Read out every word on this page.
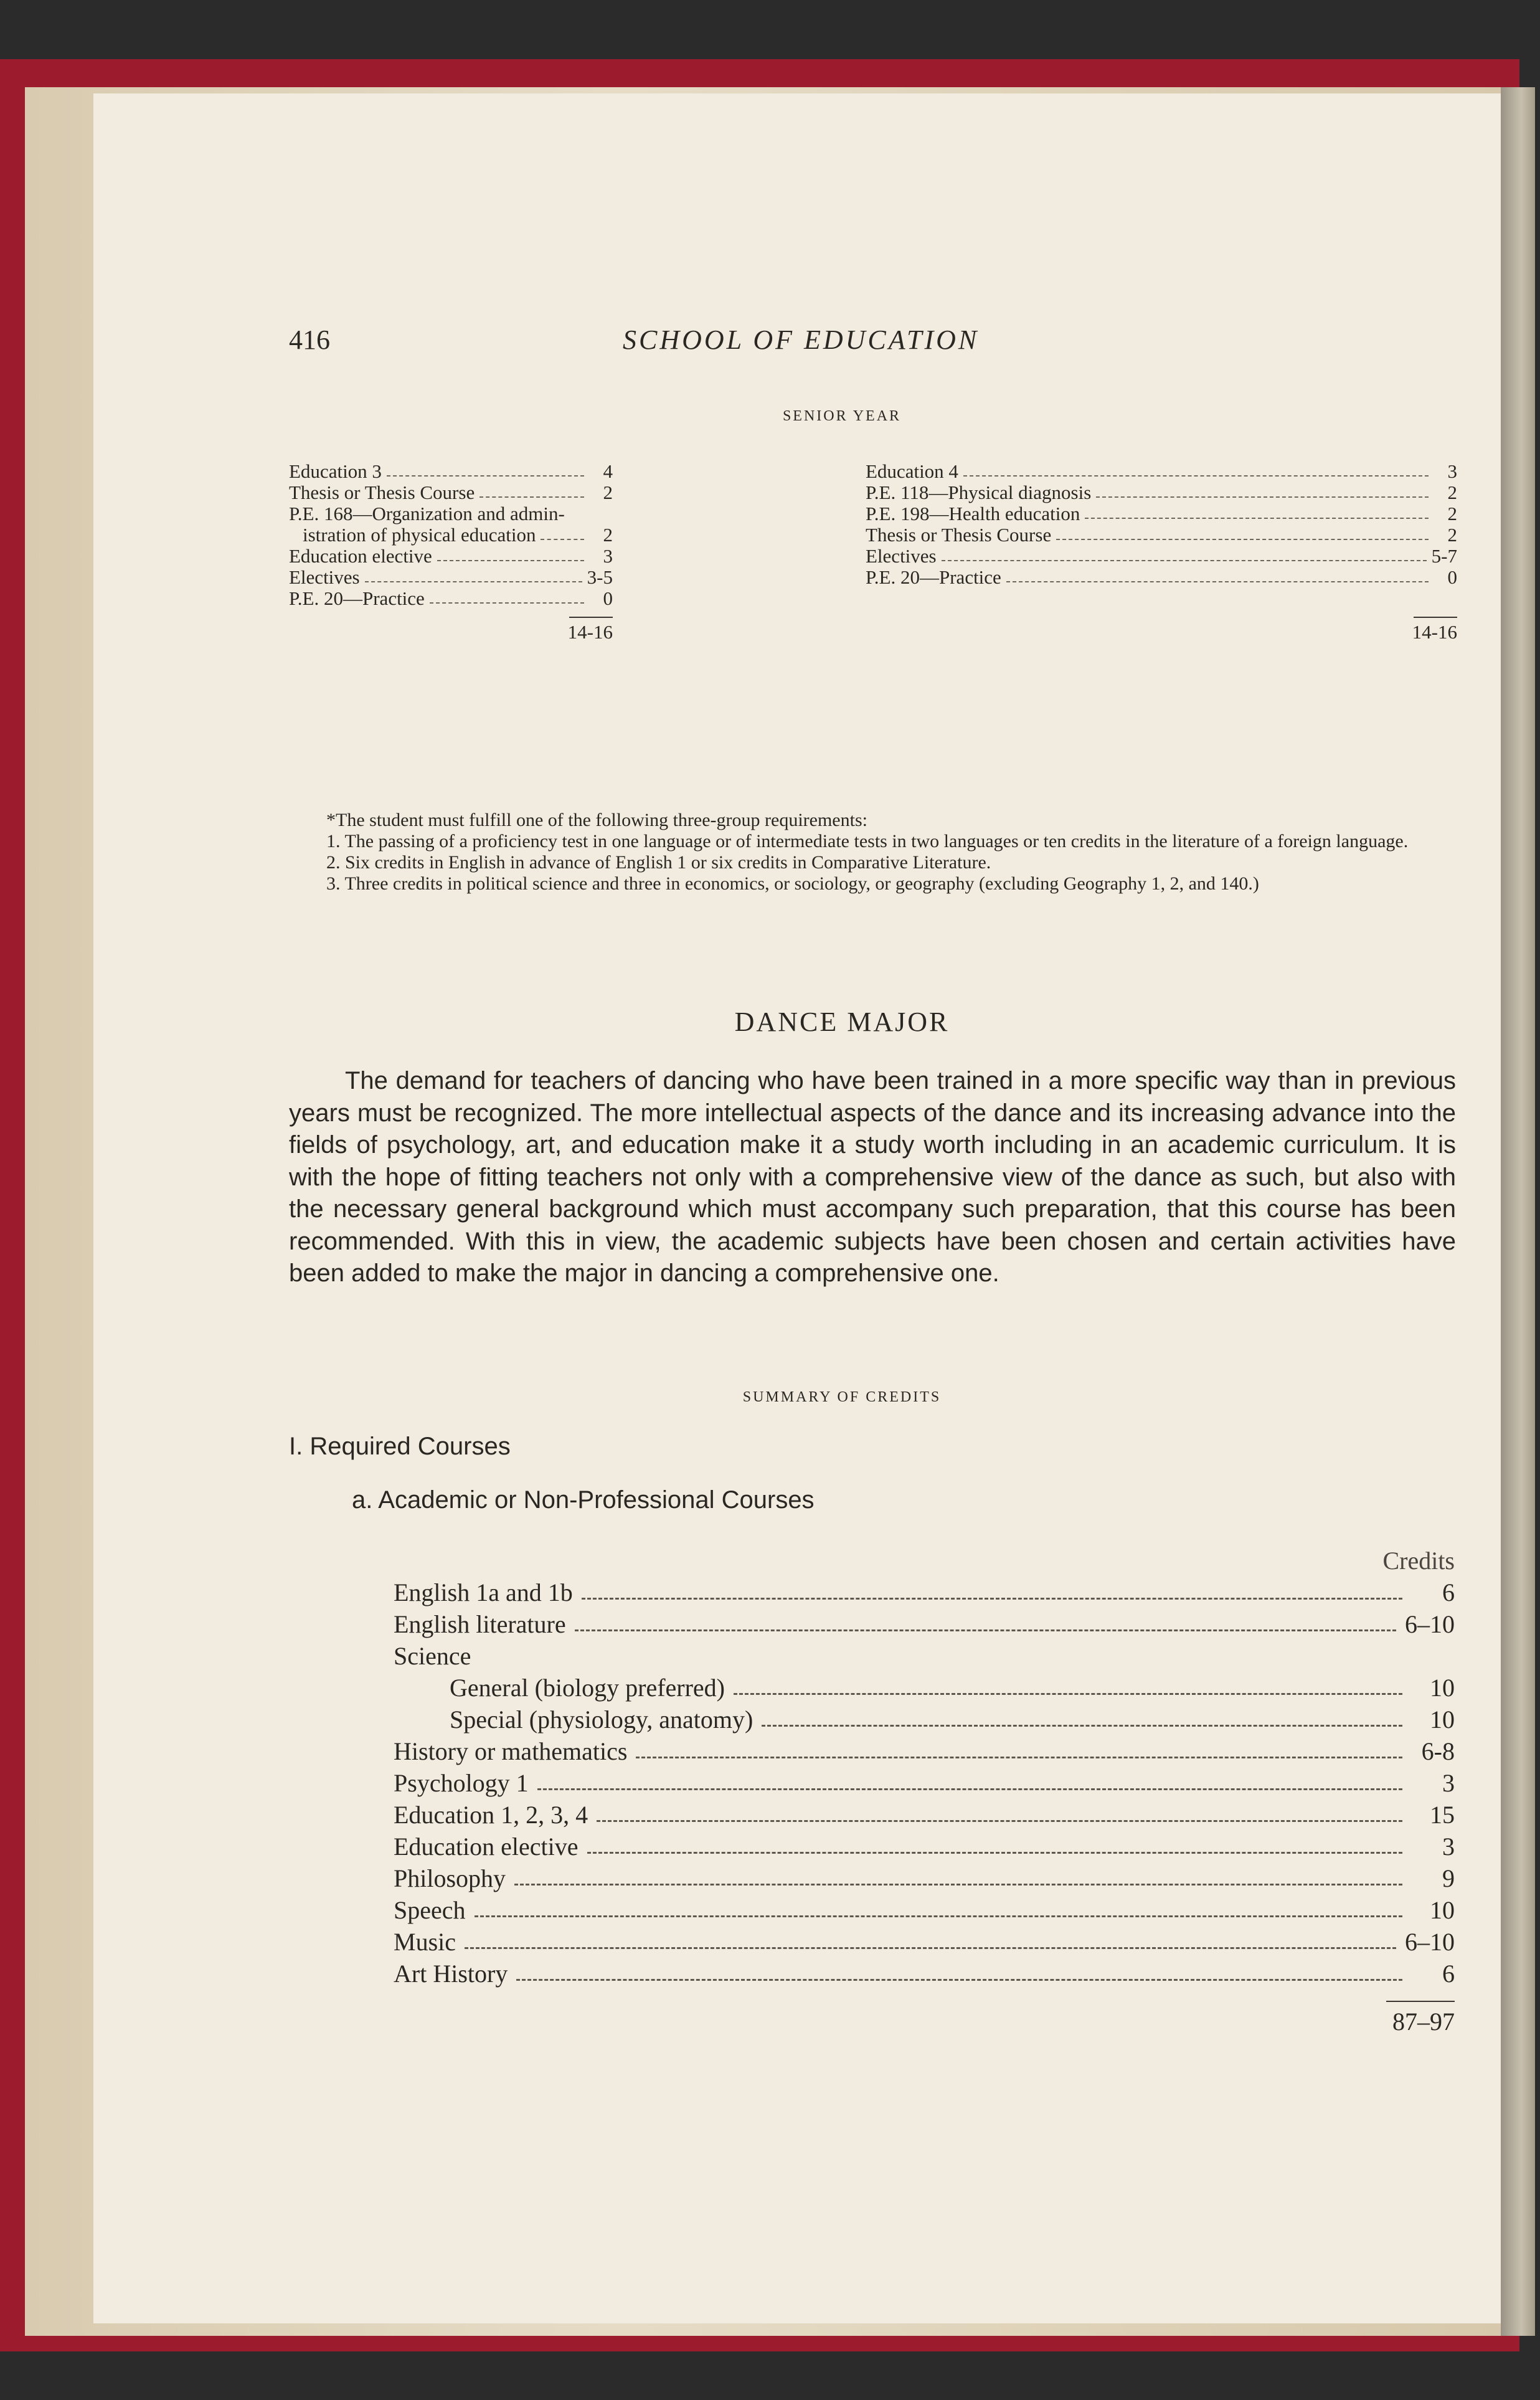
416	SCHOOL OF EDUCATION
SENIOR YEAR
Education 3	4
Thesis or Thesis Course	2
P.E. 168—Organization and admin-
istration of physical education	2
Education elective	3
Electives	3-5
P.E. 20—Practice	0
14-16
Education 4	3
P.E. 118—Physical diagnosis	2
P.E. 198—Health education	2
Thesis or Thesis Course	2
Electives	5-7
P.E. 20—Practice	0
14-16

*The student must fulfill one of the following three-group requirements:

1. The passing of a proficiency test in one language or of intermediate tests in two languages or ten credits in the literature of a foreign language.

2. Six credits in English in advance of English 1 or six credits in Comparative Literature.

3. Three credits in political science and three in economics, or sociology, or geography (excluding Geography 1, 2, and 140.)

DANCE MAJOR

The demand for teachers of dancing who have been trained in a more specific way than in previous years must be recognized. The more intellectual aspects of the dance and its increasing advance into the fields of psychology, art, and education make it a study worth including in an academic curriculum. It is with the hope of fitting teachers not only with a comprehensive view of the dance as such, but also with the necessary general background which must accompany such preparation, that this course has been recommended. With this in view, the academic subjects have been chosen and certain activities have been added to make the major in dancing a comprehensive one.

SUMMARY OF CREDITS
I. Required Courses
a. Academic or Non-Professional Courses
Credits
English 1a and 1b	6
English literature	6–10
Science
General (biology preferred)	10
Special (physiology, anatomy)	10
History or mathematics	6-8
Psychology 1	3
Education 1, 2, 3, 4	15
Education elective	3
Philosophy	9
Speech	10
Music	6–10
Art History	6
87–97
